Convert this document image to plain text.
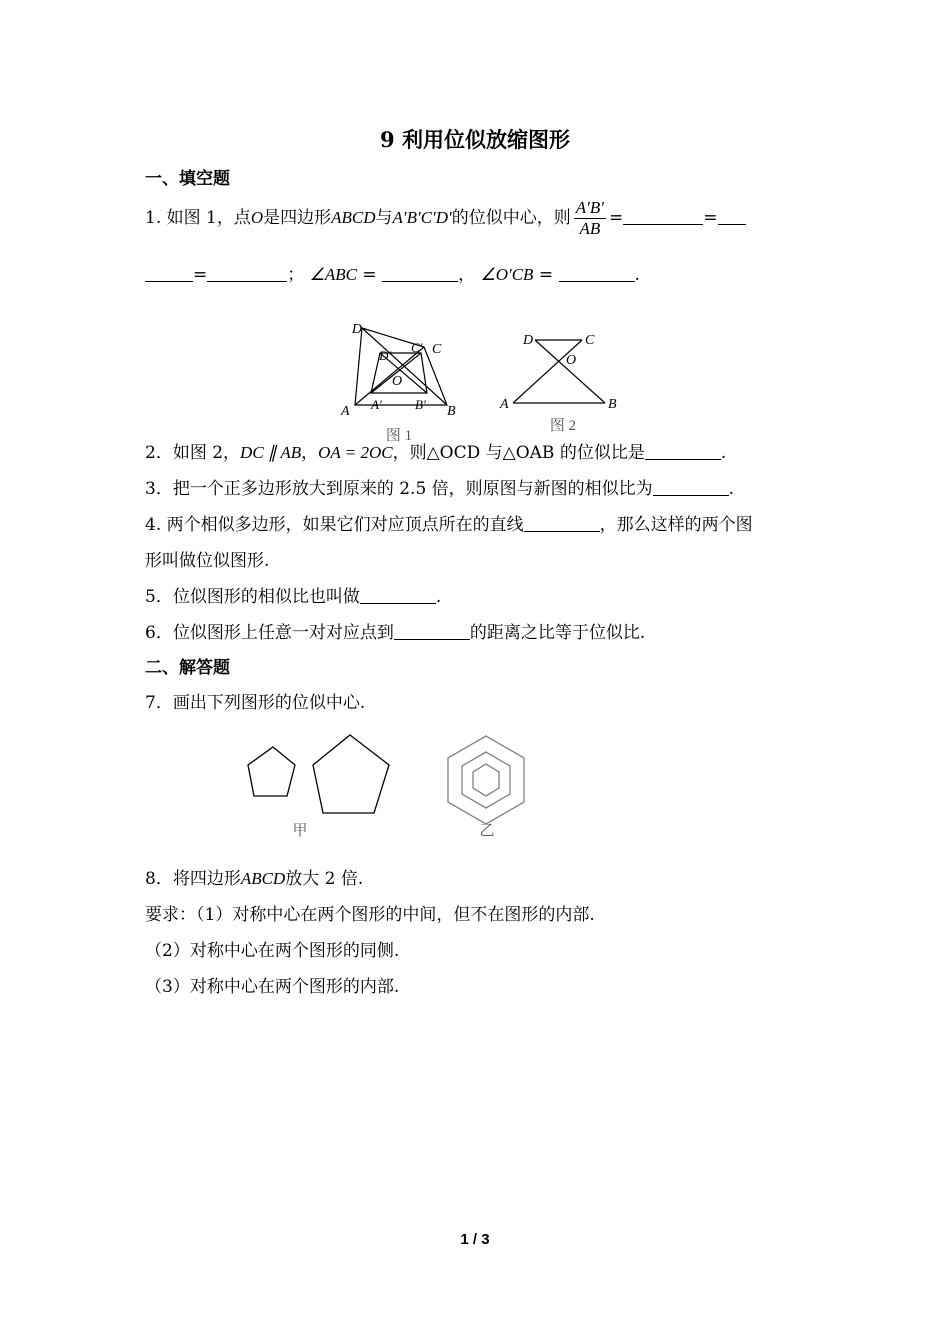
9 利用位似放缩图形
一、填空题
1. 如图 1，点O是四边形ABCD与A′B′C′D′的位似中心，则 $\frac{A'B'}{AB}$ =	=
=	； ∠ABC =	， ∠O′CB =	.
D
C
D′
C′
O
A	B
A′	B′
图 1
D	C
O
A	B
图 2
2．如图 2，DC ∥ AB，OA = 2OC，则△OCD 与△OAB 的位似比是	.
3．把一个正多边形放大到原来的 2.5 倍，则原图与新图的相似比为	.
4. 两个相似多边形，如果它们对应顶点所在的直线	，那么这样的两个图
形叫做位似图形.
5．位似图形的相似比也叫做	.
6．位似图形上任意一对对应点到	的距离之比等于位似比.
二、解答题
7．画出下列图形的位似中心.
甲	乙
8．将四边形ABCD放大 2 倍.
要求：（1）对称中心在两个图形的中间，但不在图形的内部.
（2）对称中心在两个图形的同侧.
（3）对称中心在两个图形的内部.
1 / 3
